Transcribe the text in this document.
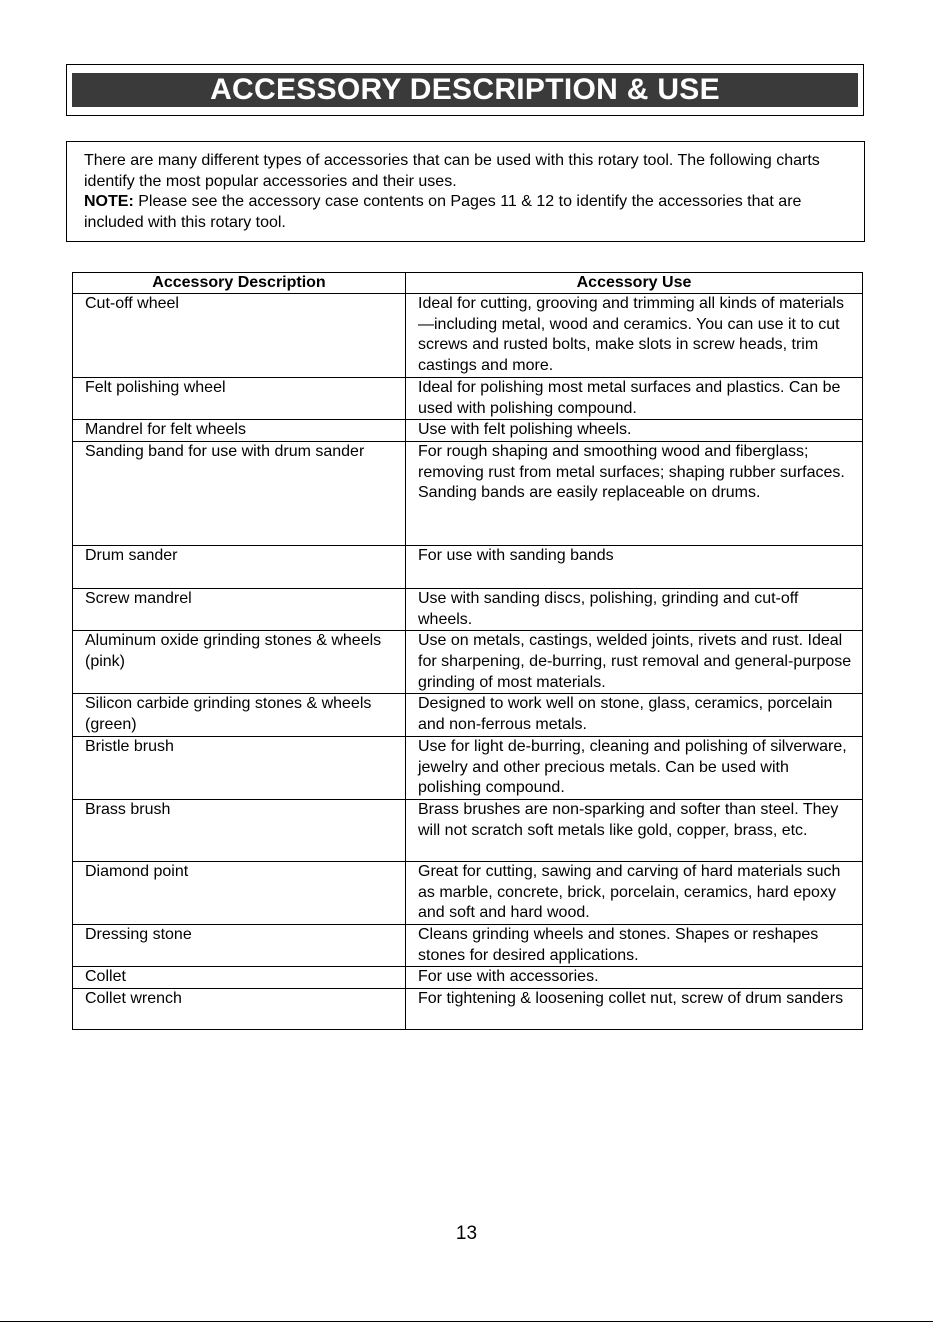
ACCESSORY DESCRIPTION & USE

There are many different types of accessories that can be used with this rotary tool. The following charts identify the most popular accessories and their uses.

NOTE: Please see the accessory case contents on Pages 11 & 12 to identify the accessories that are included with this rotary tool.

Accessory Description	Accessory Use
Cut-off wheel	Ideal for cutting, grooving and trimming all kinds of materials—including metal, wood and ceramics. You can use it to cut screws and rusted bolts, make slots in screw heads, trim castings and more.
Felt polishing wheel	Ideal for polishing most metal surfaces and plastics. Can be used with polishing compound.
Mandrel for felt wheels	Use with felt polishing wheels.
Sanding band for use with drum sander	For rough shaping and smoothing wood and fiberglass; removing rust from metal surfaces; shaping rubber surfaces. Sanding bands are easily replaceable on drums.
Drum sander	For use with sanding bands
Screw mandrel	Use with sanding discs, polishing, grinding and cut-off wheels.
Aluminum oxide grinding stones & wheels (pink)	Use on metals, castings, welded joints, rivets and rust. Ideal for sharpening, de-burring, rust removal and general-purpose grinding of most materials.
Silicon carbide grinding stones & wheels (green)	Designed to work well on stone, glass, ceramics, porcelain and non-ferrous metals.
Bristle brush	Use for light de-burring, cleaning and polishing of silverware, jewelry and other precious metals. Can be used with polishing compound.
Brass brush	Brass brushes are non-sparking and softer than steel. They will not scratch soft metals like gold, copper, brass, etc.
Diamond point	Great for cutting, sawing and carving of hard materials such as marble, concrete, brick, porcelain, ceramics, hard epoxy and soft and hard wood.
Dressing stone	Cleans grinding wheels and stones. Shapes or reshapes stones for desired applications.
Collet	For use with accessories.
Collet wrench	For tightening & loosening collet nut, screw of drum sanders
13
